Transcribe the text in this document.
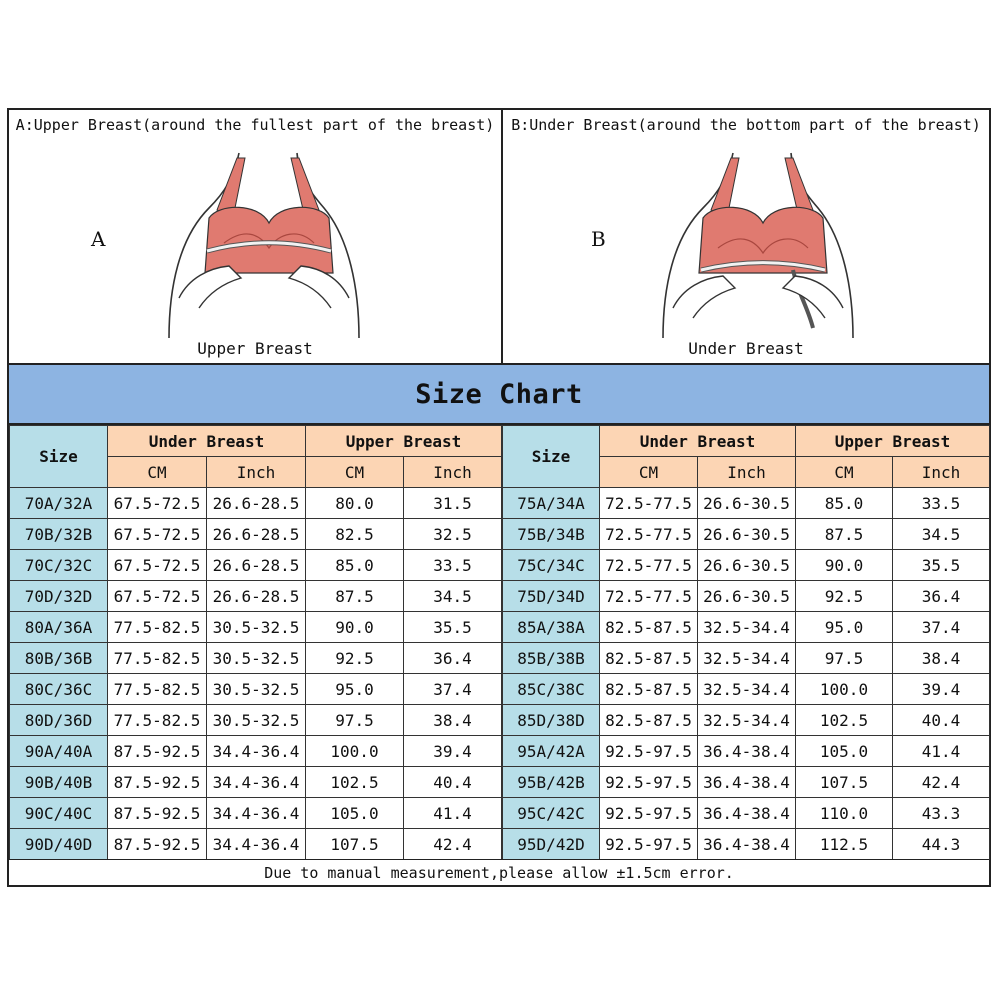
A:Upper Breast(around the fullest part of the breast)
A
Upper Breast
B:Under Breast(around the bottom part of the breast)
B
Under Breast
Size Chart
Size	Under Breast		Upper Breast	
	CM	Inch	CM	Inch
70A/32A	67.5-72.5	26.6-28.5	80.0	31.5
70B/32B	67.5-72.5	26.6-28.5	82.5	32.5
70C/32C	67.5-72.5	26.6-28.5	85.0	33.5
70D/32D	67.5-72.5	26.6-28.5	87.5	34.5
80A/36A	77.5-82.5	30.5-32.5	90.0	35.5
80B/36B	77.5-82.5	30.5-32.5	92.5	36.4
80C/36C	77.5-82.5	30.5-32.5	95.0	37.4
80D/36D	77.5-82.5	30.5-32.5	97.5	38.4
90A/40A	87.5-92.5	34.4-36.4	100.0	39.4
90B/40B	87.5-92.5	34.4-36.4	102.5	40.4
90C/40C	87.5-92.5	34.4-36.4	105.0	41.4
90D/40D	87.5-92.5	34.4-36.4	107.5	42.4
Size	Under Breast		Upper Breast	
	CM	Inch	CM	Inch
75A/34A	72.5-77.5	26.6-30.5	85.0	33.5
75B/34B	72.5-77.5	26.6-30.5	87.5	34.5
75C/34C	72.5-77.5	26.6-30.5	90.0	35.5
75D/34D	72.5-77.5	26.6-30.5	92.5	36.4
85A/38A	82.5-87.5	32.5-34.4	95.0	37.4
85B/38B	82.5-87.5	32.5-34.4	97.5	38.4
85C/38C	82.5-87.5	32.5-34.4	100.0	39.4
85D/38D	82.5-87.5	32.5-34.4	102.5	40.4
95A/42A	92.5-97.5	36.4-38.4	105.0	41.4
95B/42B	92.5-97.5	36.4-38.4	107.5	42.4
95C/42C	92.5-97.5	36.4-38.4	110.0	43.3
95D/42D	92.5-97.5	36.4-38.4	112.5	44.3
Due to manual measurement,please allow ±1.5cm error.
